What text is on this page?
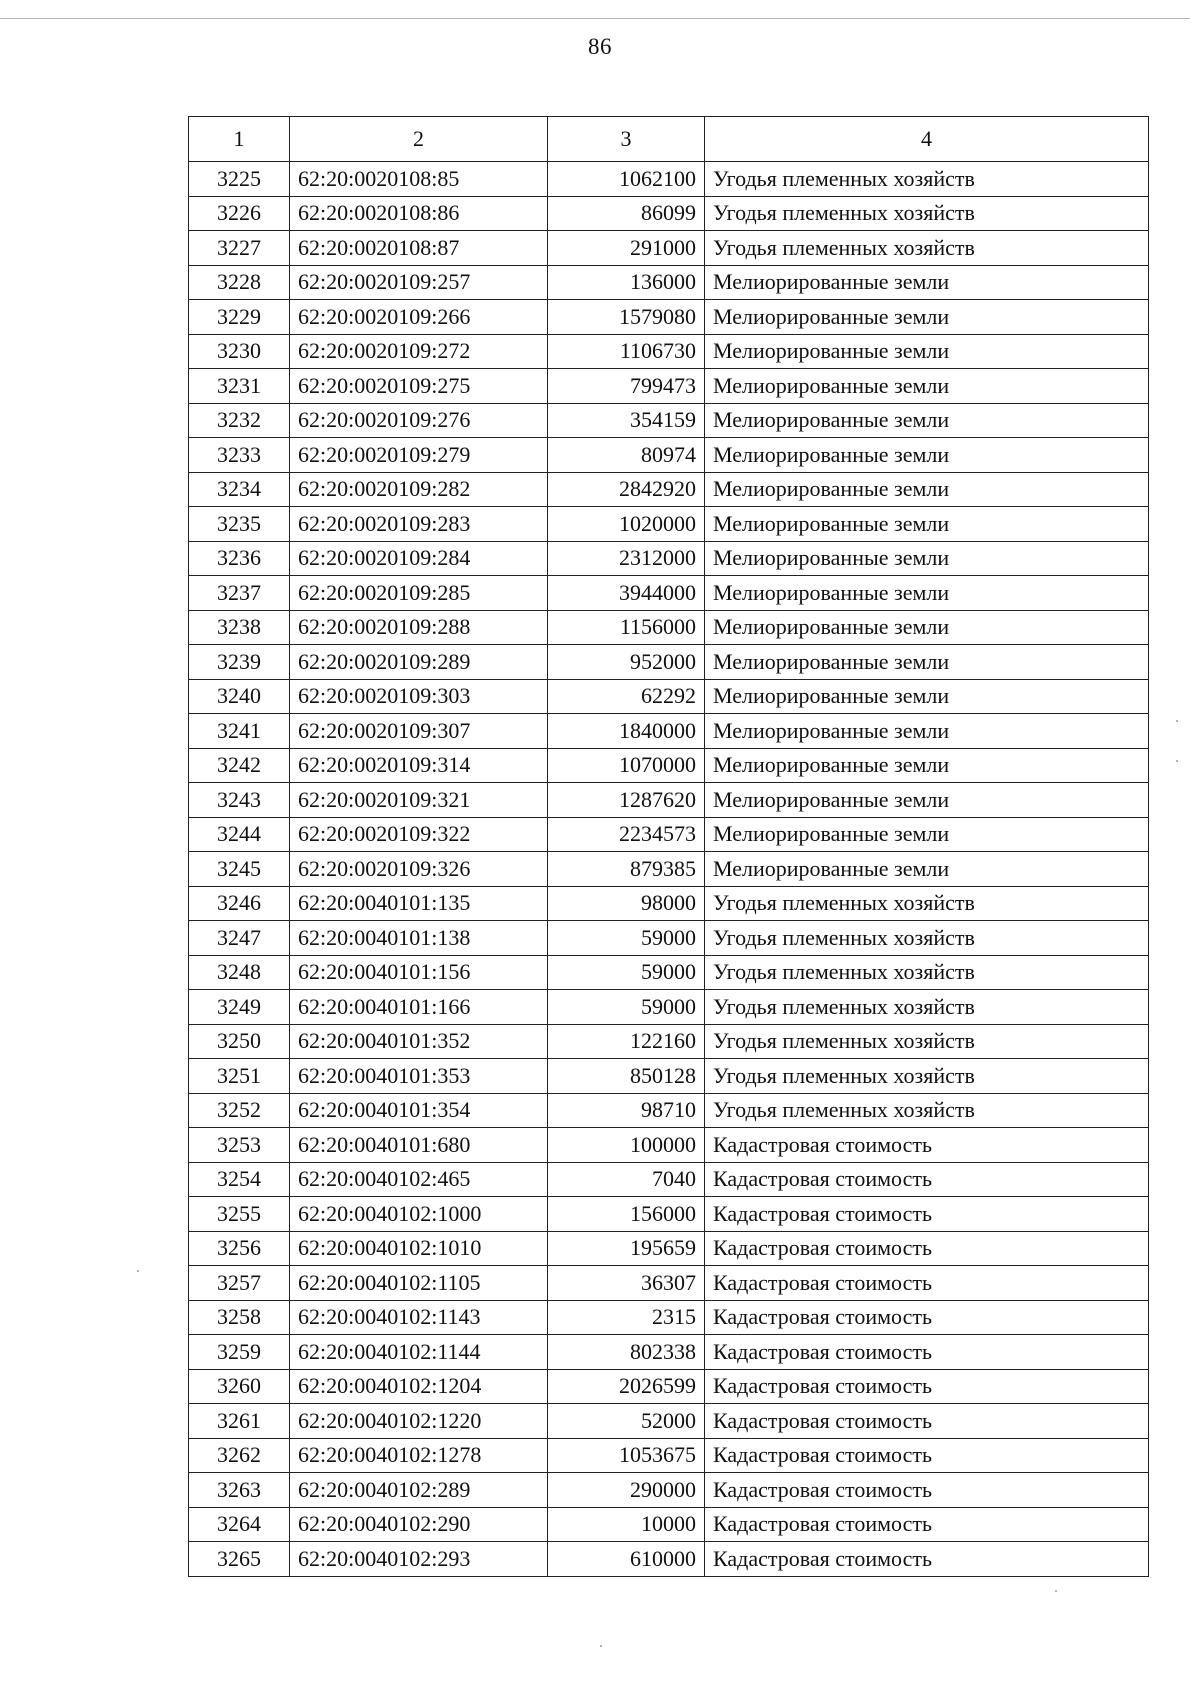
86
1	2	3	4
3225	62:20:0020108:85	1062100	Угодья племенных хозяйств
3226	62:20:0020108:86	86099	Угодья племенных хозяйств
3227	62:20:0020108:87	291000	Угодья племенных хозяйств
3228	62:20:0020109:257	136000	Мелиорированные земли
3229	62:20:0020109:266	1579080	Мелиорированные земли
3230	62:20:0020109:272	1106730	Мелиорированные земли
3231	62:20:0020109:275	799473	Мелиорированные земли
3232	62:20:0020109:276	354159	Мелиорированные земли
3233	62:20:0020109:279	80974	Мелиорированные земли
3234	62:20:0020109:282	2842920	Мелиорированные земли
3235	62:20:0020109:283	1020000	Мелиорированные земли
3236	62:20:0020109:284	2312000	Мелиорированные земли
3237	62:20:0020109:285	3944000	Мелиорированные земли
3238	62:20:0020109:288	1156000	Мелиорированные земли
3239	62:20:0020109:289	952000	Мелиорированные земли
3240	62:20:0020109:303	62292	Мелиорированные земли
3241	62:20:0020109:307	1840000	Мелиорированные земли
3242	62:20:0020109:314	1070000	Мелиорированные земли
3243	62:20:0020109:321	1287620	Мелиорированные земли
3244	62:20:0020109:322	2234573	Мелиорированные земли
3245	62:20:0020109:326	879385	Мелиорированные земли
3246	62:20:0040101:135	98000	Угодья племенных хозяйств
3247	62:20:0040101:138	59000	Угодья племенных хозяйств
3248	62:20:0040101:156	59000	Угодья племенных хозяйств
3249	62:20:0040101:166	59000	Угодья племенных хозяйств
3250	62:20:0040101:352	122160	Угодья племенных хозяйств
3251	62:20:0040101:353	850128	Угодья племенных хозяйств
3252	62:20:0040101:354	98710	Угодья племенных хозяйств
3253	62:20:0040101:680	100000	Кадастровая стоимость
3254	62:20:0040102:465	7040	Кадастровая стоимость
3255	62:20:0040102:1000	156000	Кадастровая стоимость
3256	62:20:0040102:1010	195659	Кадастровая стоимость
3257	62:20:0040102:1105	36307	Кадастровая стоимость
3258	62:20:0040102:1143	2315	Кадастровая стоимость
3259	62:20:0040102:1144	802338	Кадастровая стоимость
3260	62:20:0040102:1204	2026599	Кадастровая стоимость
3261	62:20:0040102:1220	52000	Кадастровая стоимость
3262	62:20:0040102:1278	1053675	Кадастровая стоимость
3263	62:20:0040102:289	290000	Кадастровая стоимость
3264	62:20:0040102:290	10000	Кадастровая стоимость
3265	62:20:0040102:293	610000	Кадастровая стоимость
